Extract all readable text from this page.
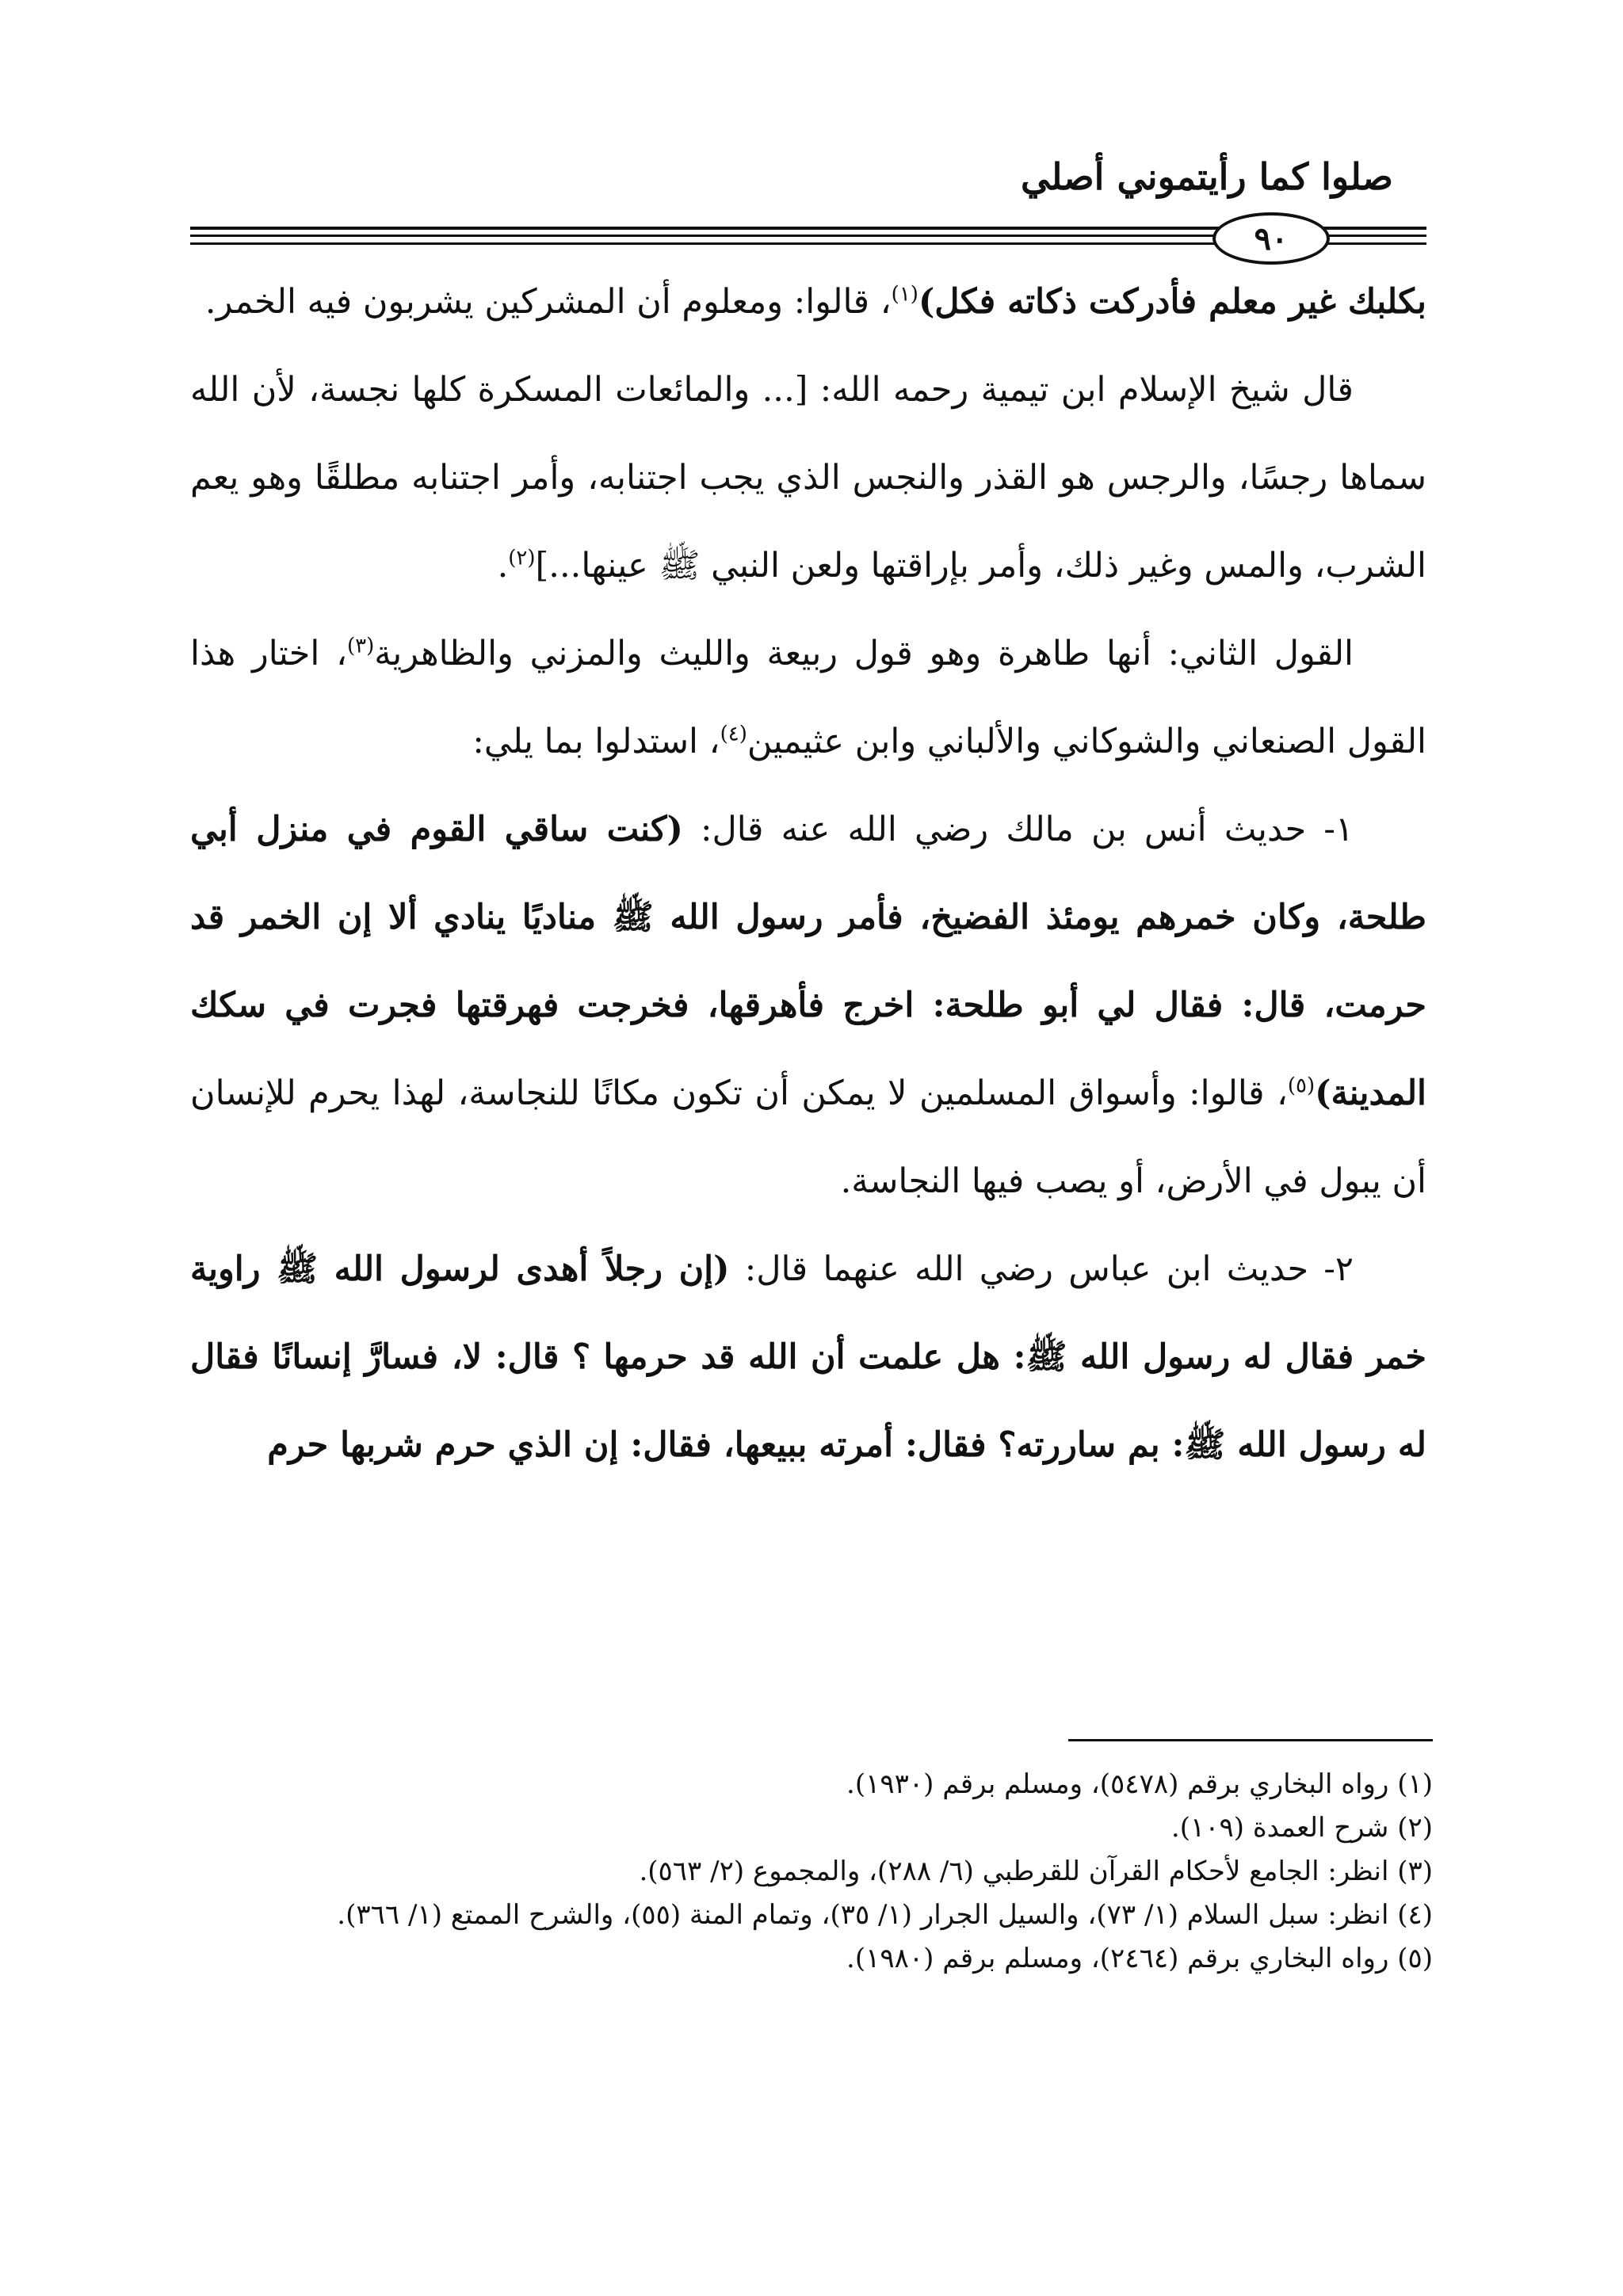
صلوا كما رأيتموني أصلي
٩٠

بكلبك غير معلم فأدركت ذكاته فكل)$^{(١)}$، قالوا: ومعلوم أن المشركين يشربون فيه الخمر.

قال شيخ الإسلام ابن تيمية رحمه الله: [... والمائعات المسكرة كلها نجسة، لأن الله سماها رجسًا، والرجس هو القذر والنجس الذي يجب اجتنابه، وأمر اجتنابه مطلقًا وهو يعم الشرب، والمس وغير ذلك، وأمر بإراقتها ولعن النبي ﷺ عينها...]$^{(٢)}$.

القول الثاني: أنها طاهرة وهو قول ربيعة والليث والمزني والظاهرية$^{(٣)}$، اختار هذا القول الصنعاني والشوكاني والألباني وابن عثيمين$^{(٤)}$، استدلوا بما يلي:

١- حديث أنس بن مالك رضي الله عنه قال: (كنت ساقي القوم في منزل أبي طلحة، وكان خمرهم يومئذ الفضيخ، فأمر رسول الله ﷺ مناديًا ينادي ألا إن الخمر قد حرمت، قال: فقال لي أبو طلحة: اخرج فأهرقها، فخرجت فهرقتها فجرت في سكك المدينة)$^{(٥)}$، قالوا: وأسواق المسلمين لا يمكن أن تكون مكانًا للنجاسة، لهذا يحرم للإنسان أن يبول في الأرض، أو يصب فيها النجاسة.

٢- حديث ابن عباس رضي الله عنهما قال: (إن رجلاً أهدى لرسول الله ﷺ راوية خمر فقال له رسول الله ﷺ: هل علمت أن الله قد حرمها ؟ قال: لا، فسارَّ إنسانًا فقال له رسول الله ﷺ: بم ساررته؟ فقال: أمرته ببيعها، فقال: إن الذي حرم شربها حرم

(١) رواه البخاري برقم (٥٤٧٨)، ومسلم برقم (١٩٣٠).

(٢) شرح العمدة (١٠٩).

(٣) انظر: الجامع لأحكام القرآن للقرطبي (٦/ ٢٨٨)، والمجموع (٢/ ٥٦٣).

(٤) انظر: سبل السلام (١/ ٧٣)، والسيل الجرار (١/ ٣٥)، وتمام المنة (٥٥)، والشرح الممتع (١/ ٣٦٦).

(٥) رواه البخاري برقم (٢٤٦٤)، ومسلم برقم (١٩٨٠).
